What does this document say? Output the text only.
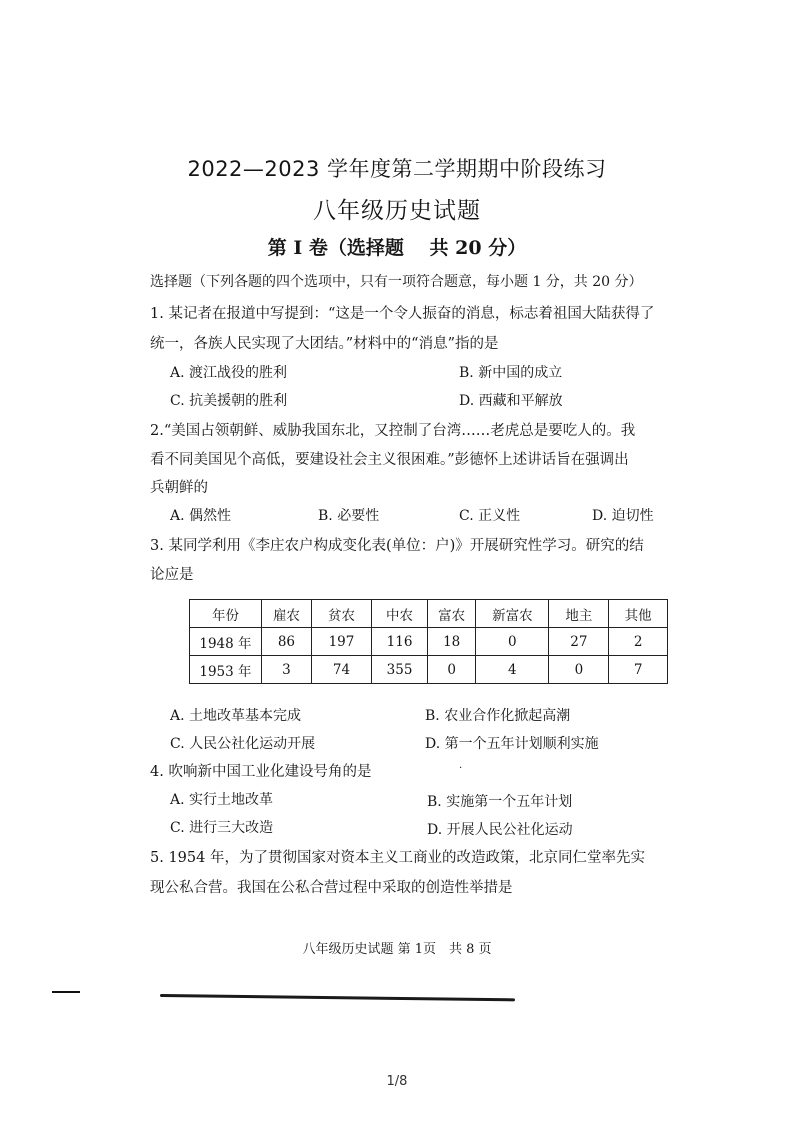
2022—2023 学年度第二学期期中阶段练习
八年级历史试题
第 I 卷（选择题　 共 20 分）
选择题（下列各题的四个选项中，只有一项符合题意，每小题 1 分，共 20 分）
1. 某记者在报道中写提到：“这是一个令人振奋的消息，标志着祖国大陆获得了
统一，各族人民实现了大团结。”材料中的“消息”指的是
A. 渡江战役的胜利	B. 新中国的成立
C. 抗美援朝的胜利	D. 西藏和平解放
2.“美国占领朝鲜、威胁我国东北，又控制了台湾……老虎总是要吃人的。我
看不同美国见个高低，要建设社会主义很困难。”彭德怀上述讲话旨在强调出
兵朝鲜的
A. 偶然性	B. 必要性	C. 正义性	D. 迫切性
3. 某同学利用《李庄农户构成变化表(单位：户)》开展研究性学习。研究的结
论应是
年份	雇农	贫农	中农	富农	新富农	地主	其他
1948 年	86	197	116	18	0	27	2
1953 年	3	74	355	0	4	0	7
A. 土地改革基本完成	B. 农业合作化掀起高潮
C. 人民公社化运动开展	D. 第一个五年计划顺利实施
4. 吹响新中国工业化建设号角的是	.
A. 实行土地改革	B. 实施第一个五年计划
C. 进行三大改造	D. 开展人民公社化运动
5. 1954 年，为了贯彻国家对资本主义工商业的改造政策，北京同仁堂率先实
现公私合营。我国在公私合营过程中采取的创造性举措是
八年级历史试题 第 1页　共 8 页
1/8
